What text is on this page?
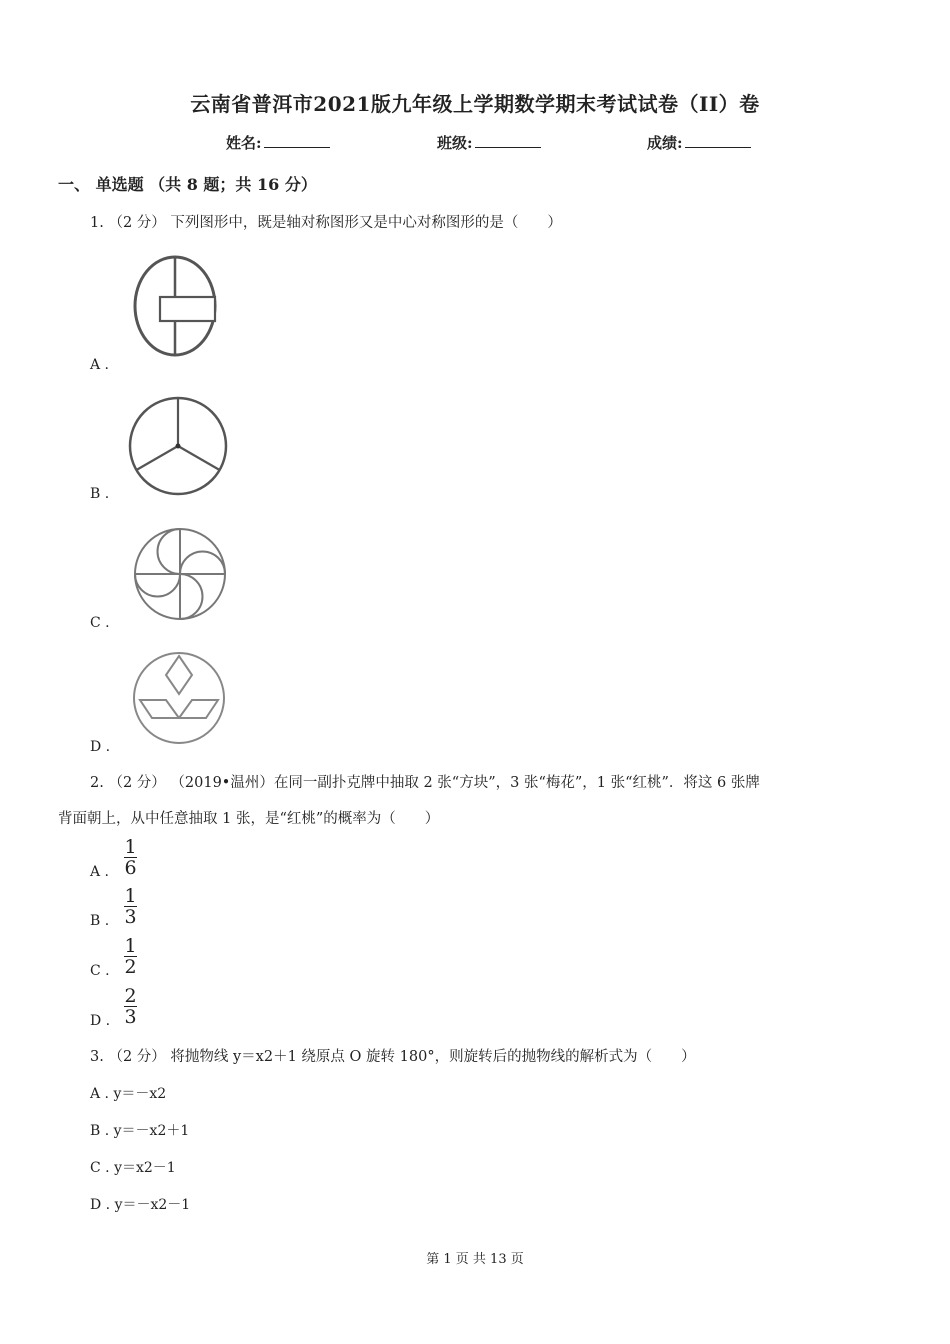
云南省普洱市2021版九年级上学期数学期末考试试卷（II）卷
姓名:	班级:	成绩:
一、 单选题 （共 8 题；共 16 分）
1. （2 分） 下列图形中，既是轴对称图形又是中心对称图形的是（　　）
A .
B .
C .
D .
2. （2 分） （2019•温州）在同一副扑克牌中抽取 2 张“方块”，3 张“梅花”，1 张“红桃”．将这 6 张牌
背面朝上，从中任意抽取 1 张，是“红桃”的概率为（　　）
A .
1
6
B .
1
3
C .
1
2
D .
2
3
3. （2 分） 将抛物线 y＝x2＋1 绕原点 O 旋转 180°，则旋转后的抛物线的解析式为（　　）
A . y＝－x2
B . y＝－x2＋1
C . y＝x2－1
D . y＝－x2－1
第 1 页 共 13 页
